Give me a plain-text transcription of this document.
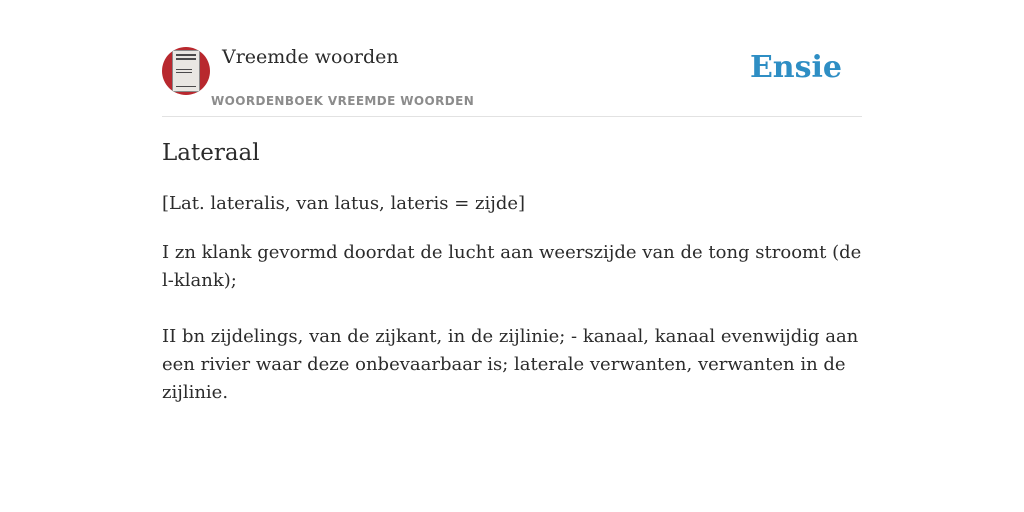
Vreemde woorden
WOORDENBOEK VREEMDE WOORDEN
Ensie
Lateraal
[Lat. lateralis, van latus, lateris = zijde]
I zn klank gevormd doordat de lucht aan weerszijde van de tong stroomt (de l-klank);
II bn zijdelings, van de zijkant, in de zijlinie; - kanaal, kanaal evenwijdig aan een rivier waar deze onbevaarbaar is; laterale verwanten, verwanten in de zijlinie.
